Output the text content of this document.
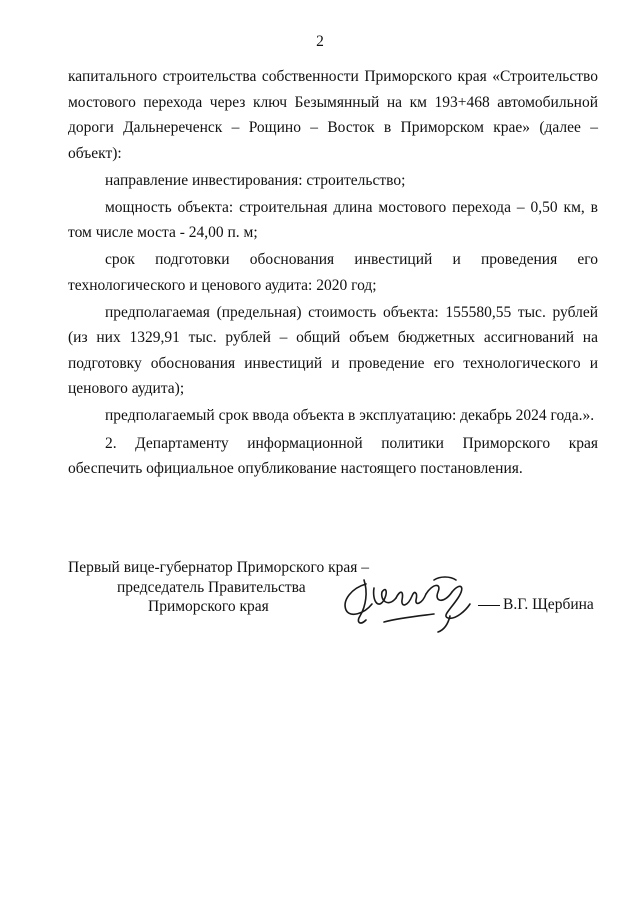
2

капитального строительства собственности Приморского края «Строительство мостового перехода через ключ Безымянный на км 193+468 автомобильной дороги Дальнереченск – Рощино – Восток в Приморском крае» (далее – объект):

направление инвестирования: строительство;

мощность объекта: строительная длина мостового перехода – 0,50 км, в том числе моста - 24,00 п. м;

срок подготовки обоснования инвестиций и проведения его технологического и ценового аудита: 2020 год;

предполагаемая (предельная) стоимость объекта: 155580,55 тыс. рублей (из них 1329,91 тыс. рублей – общий объем бюджетных ассигнований на подготовку обоснования инвестиций и проведение его технологического и ценового аудита);

предполагаемый срок ввода объекта в эксплуатацию: декабрь 2024 года.».

2. Департаменту информационной политики Приморского края обеспечить официальное опубликование настоящего постановления.

Первый вице-губернатор Приморского края –
председатель Правительства
Приморского края	В.Г. Щербина
